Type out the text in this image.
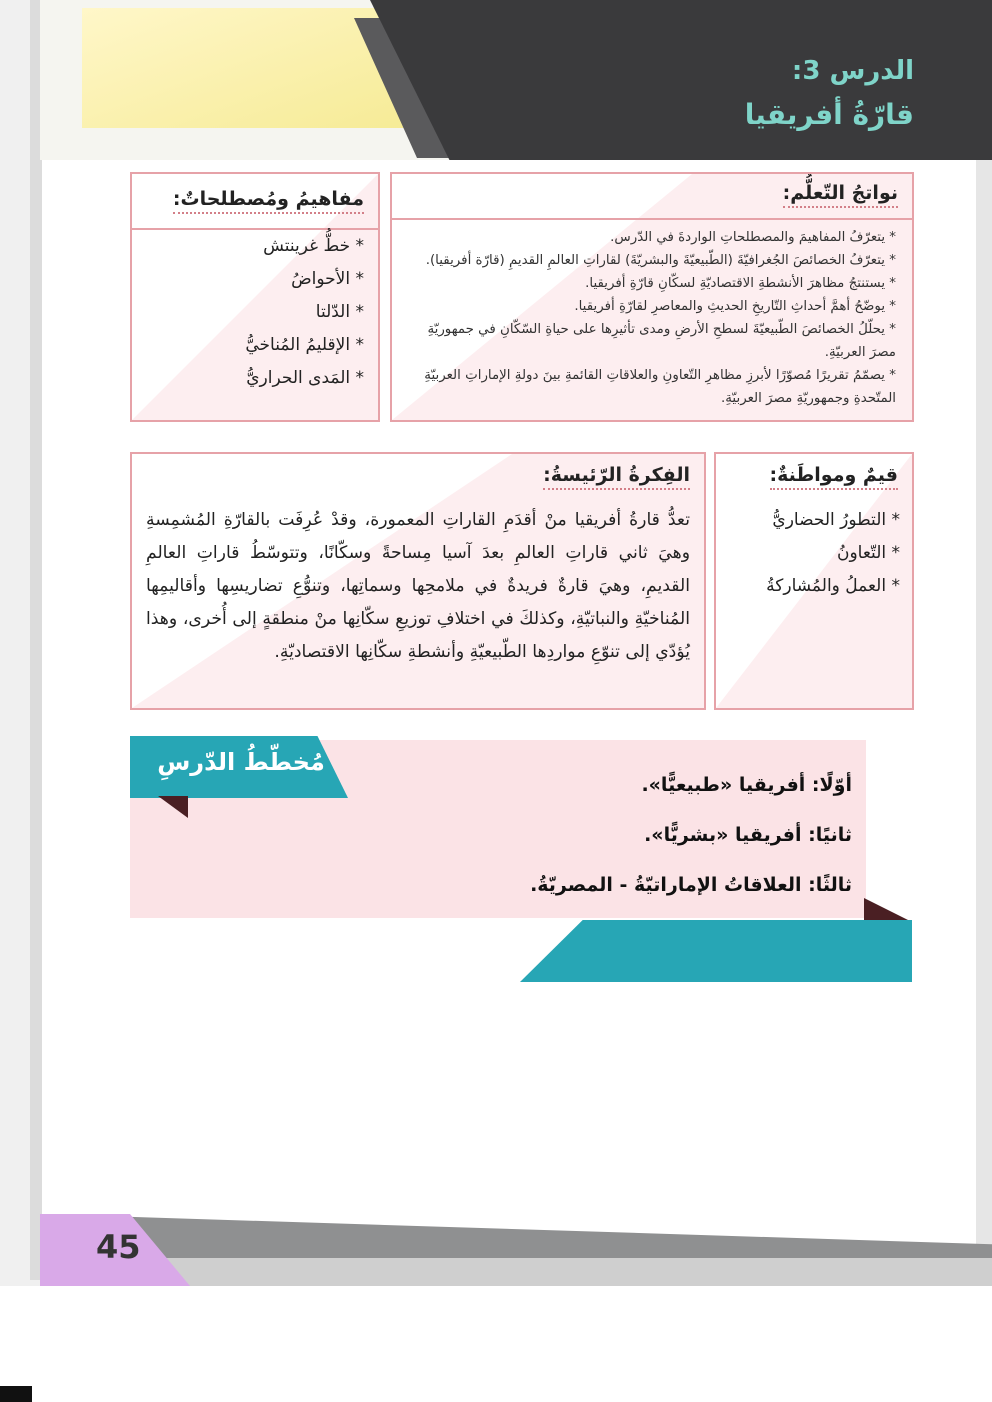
الدرس 3:
قارّةُ أفريقيا
نواتجُ التّعلُّم:
* يتعرّفُ المفاهيمَ والمصطلحاتِ الواردةَ في الدّرس.
* يتعرّفُ الخصائصَ الجُغرافيّةَ (الطّبيعيّةَ والبشريّةَ) لقاراتِ العالمِ القديمِ (قارّة أفريقيا).
* يستنتجُ مظاهرَ الأنشطةِ الاقتصاديّةِ لسكّانِ قارّةِ أفريقيا.
* يوضّحُ أهمَّ أحداثِ التّاريخِ الحديثِ والمعاصرِ لقارّةِ أفريقيا.
* يحلّلُ الخصائصَ الطّبيعيّةَ لسطحِ الأرضِ ومدى تأثيرِها على حياةِ السّكّانِ في جمهوريّةِ مصرَ العربيّةِ.
* يصمّمُ تقريرًا مُصوّرًا لأبرزِ مظاهرِ التّعاونِ والعلاقاتِ القائمةِ بينَ دولةِ الإماراتِ العربيّةِ المتّحدةِ وجمهوريّةِ مصرَ العربيّةِ.
مفاهيمُ ومُصطلحاتٌ:
* خطُّ غرينتش
* الأحواضُ
* الدّلتا
* الإقليمُ المُناخيُّ
* المَدى الحراريُّ
الفِكرةُ الرّئيسةُ:

تعدُّ قارةُ أفريقيا منْ أقدَمِ القاراتِ المعمورة، وقدْ عُرِفَت بالقارّةِ المُشمِسةِ وهيَ ثاني قاراتِ العالمِ بعدَ آسيا مِساحةً وسكّانًا، وتتوسّطُ قاراتِ العالمِ القديمِ، وهيَ قارةٌ فريدةٌ في ملامحِها وسماتِها، وتنوُّعِ تضاريسِها وأقاليمِها المُناخيّةِ والنباتيّةِ، وكذلكَ في اختلافِ توزيعِ سكّانِها منْ منطقةٍ إلى أُخرى، وهذا يُؤدّي إلى تنوّعِ مواردِها الطّبيعيّةِ وأنشطةِ سكّانِها الاقتصاديّةِ.

قيمٌ ومواطَنةٌ:
* التطورُ الحضاريُّ
* التّعاونُ
* العملُ والمُشاركةُ
مُخطّطُ الدّرسِ
أوّلًا: أفريقيا «طبيعيًّا».
ثانيًا: أفريقيا «بشريًّا».
ثالثًا: العلاقاتُ الإماراتيّةُ - المصريّةُ.
45
